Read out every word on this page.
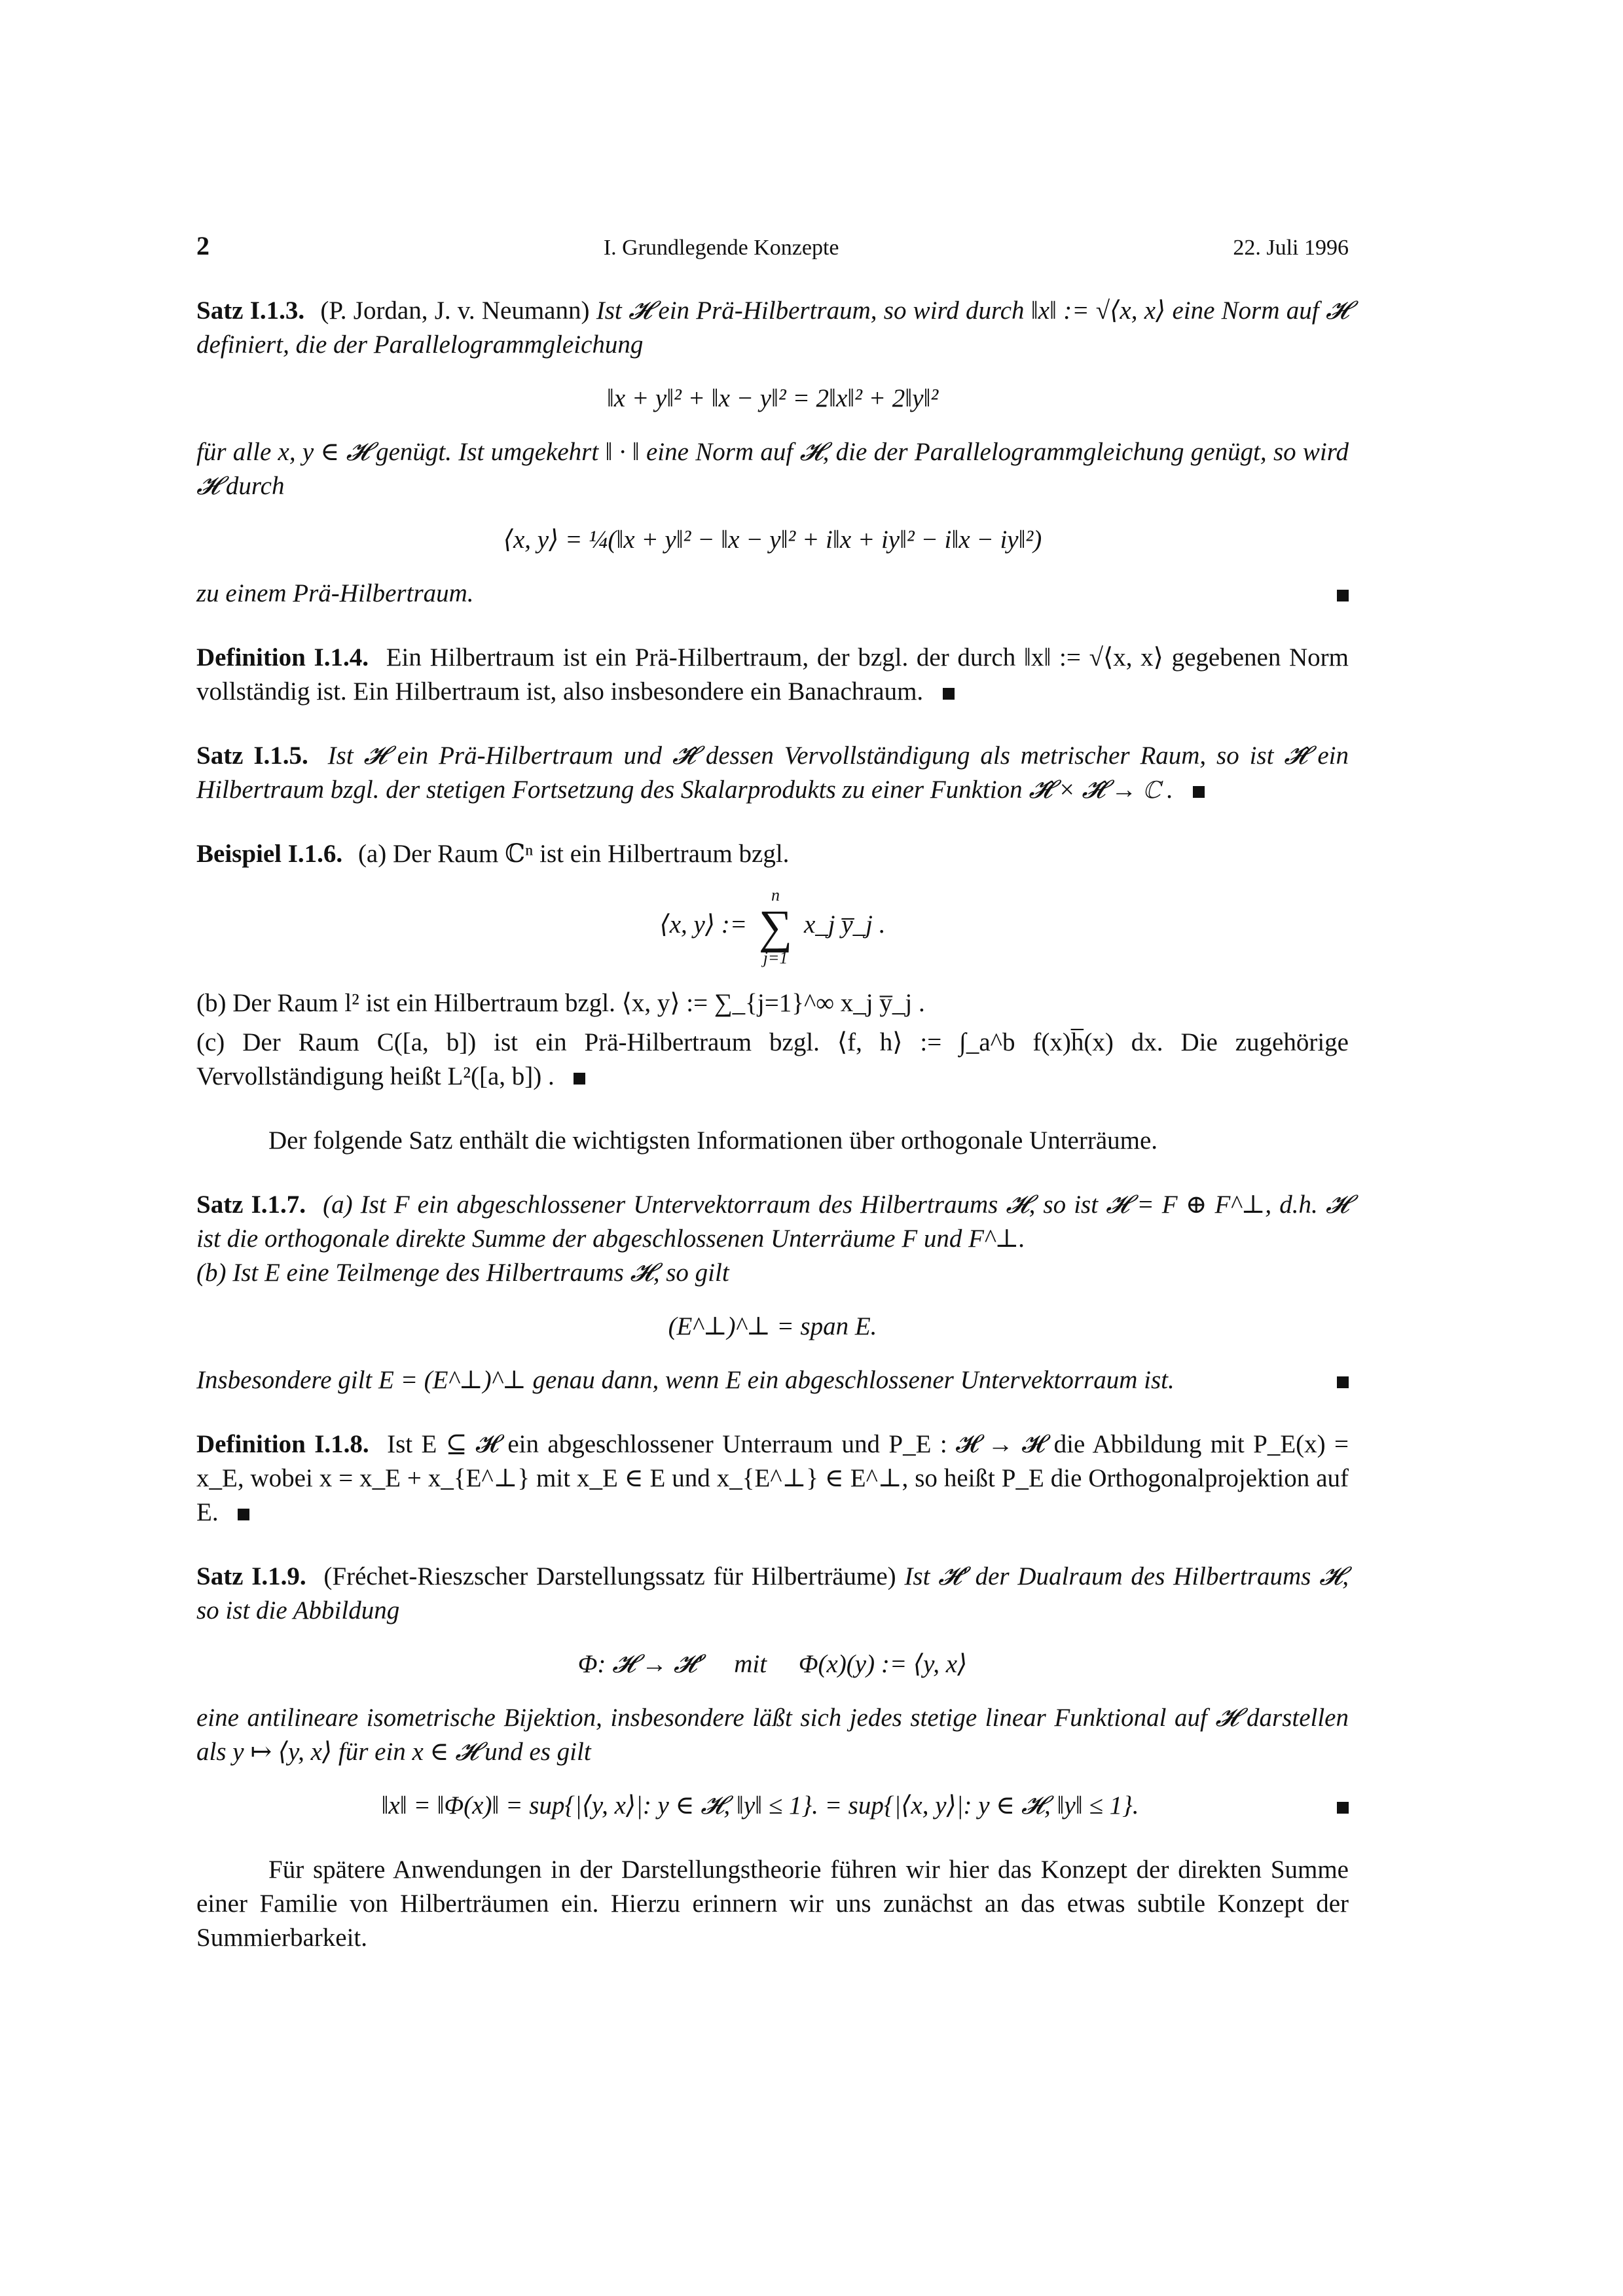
2	I. Grundlegende Konzepte	22. Juli 1996
Satz I.1.3. (P. Jordan, J. v. Neumann) Ist 𝓗 ein Prä-Hilbertraum, so wird durch ‖x‖ := √⟨x, x⟩ eine Norm auf 𝓗 definiert, die der Parallelogrammgleichung
‖x + y‖² + ‖x − y‖² = 2‖x‖² + 2‖y‖²
für alle x, y ∈ 𝓗 genügt. Ist umgekehrt ‖ · ‖ eine Norm auf 𝓗, die der Parallelogrammgleichung genügt, so wird 𝓗 durch
⟨x, y⟩ = ¼(‖x + y‖² − ‖x − y‖² + i‖x + iy‖² − i‖x − iy‖²)
zu einem Prä-Hilbertraum.
Definition I.1.4. Ein Hilbertraum ist ein Prä-Hilbertraum, der bzgl. der durch ‖x‖ := √⟨x, x⟩ gegebenen Norm vollständig ist. Ein Hilbertraum ist, also insbesondere ein Banachraum.
Satz I.1.5. Ist 𝓗 ein Prä-Hilbertraum und 𝓗̂ dessen Vervollständigung als metrischer Raum, so ist 𝓗̂ ein Hilbertraum bzgl. der stetigen Fortsetzung des Skalarprodukts zu einer Funktion 𝓗̂ × 𝓗̂ → ℂ .
Beispiel I.1.6. (a) Der Raum ℂⁿ ist ein Hilbertraum bzgl.
⟨x, y⟩ :=
n
∑
j=1
x_j y̅_j .
(b) Der Raum l² ist ein Hilbertraum bzgl. ⟨x, y⟩ := ∑_{j=1}^∞ x_j y̅_j .
(c) Der Raum C([a, b]) ist ein Prä-Hilbertraum bzgl. ⟨f, h⟩ := ∫_a^b f(x)h̅(x) dx. Die zugehörige Vervollständigung heißt L²([a, b]) .
Der folgende Satz enthält die wichtigsten Informationen über orthogonale Unterräume.
Satz I.1.7. (a) Ist F ein abgeschlossener Untervektorraum des Hilbertraums 𝓗, so ist 𝓗 = F ⊕ F^⊥, d.h. 𝓗 ist die orthogonale direkte Summe der abgeschlossenen Unterräume F und F^⊥.
(b) Ist E eine Teilmenge des Hilbertraums 𝓗, so gilt
(E^⊥)^⊥ = span E.
Insbesondere gilt E = (E^⊥)^⊥ genau dann, wenn E ein abgeschlossener Untervektorraum ist.
Definition I.1.8. Ist E ⊆ 𝓗 ein abgeschlossener Unterraum und P_E : 𝓗 → 𝓗 die Abbildung mit P_E(x) = x_E, wobei x = x_E + x_{E^⊥} mit x_E ∈ E und x_{E^⊥} ∈ E^⊥, so heißt P_E die Orthogonalprojektion auf E.
Satz I.1.9. (Fréchet-Rieszscher Darstellungssatz für Hilberträume) Ist 𝓗′ der Dualraum des Hilbertraums 𝓗, so ist die Abbildung
Φ: 𝓗 → 𝓗′     mit     Φ(x)(y) := ⟨y, x⟩
eine antilineare isometrische Bijektion, insbesondere läßt sich jedes stetige linear Funktional auf 𝓗 darstellen als y ↦ ⟨y, x⟩ für ein x ∈ 𝓗 und es gilt
‖x‖ = ‖Φ(x)‖ = sup{|⟨y, x⟩|: y ∈ 𝓗, ‖y‖ ≤ 1}. = sup{|⟨x, y⟩|: y ∈ 𝓗, ‖y‖ ≤ 1}.
Für spätere Anwendungen in der Darstellungstheorie führen wir hier das Konzept der direkten Summe einer Familie von Hilberträumen ein. Hierzu erinnern wir uns zunächst an das etwas subtile Konzept der Summierbarkeit.
